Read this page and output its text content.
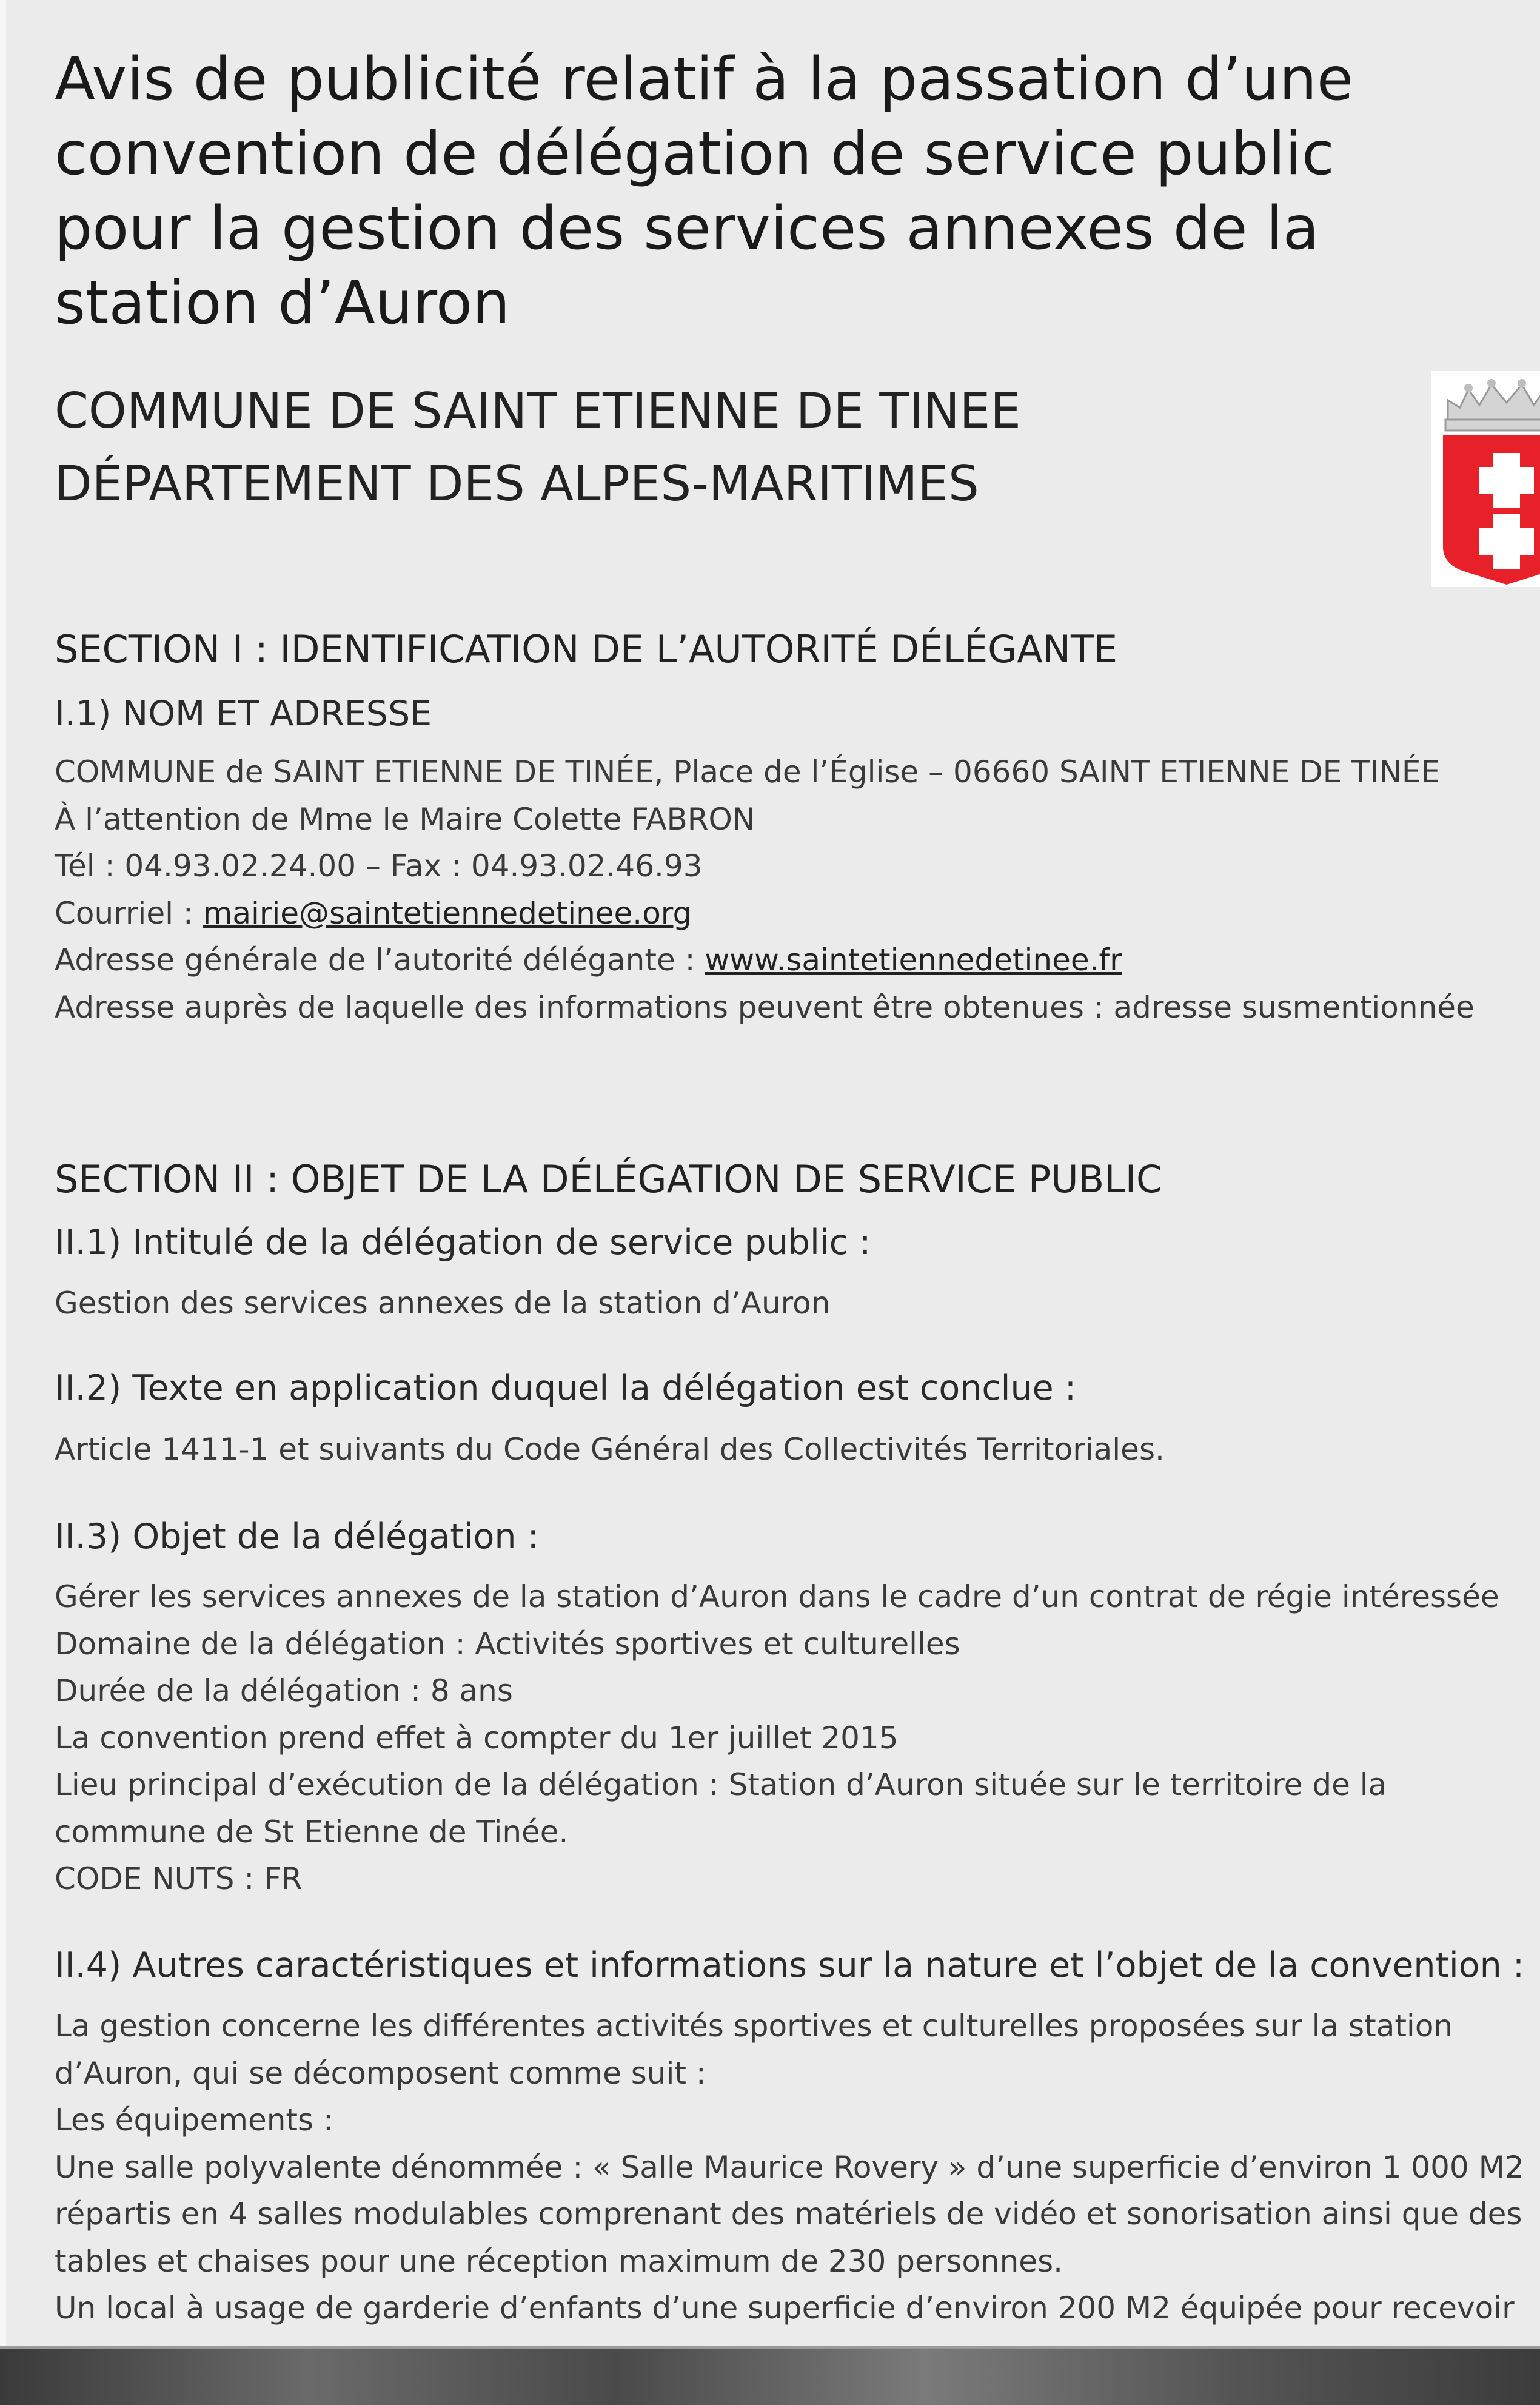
Avis de publicité relatif à la passation d’une
convention de délégation de service public
pour la gestion des services annexes de la
station d’Auron
COMMUNE DE SAINT ETIENNE DE TINEE
DÉPARTEMENT DES ALPES-MARITIMES
SECTION I : IDENTIFICATION DE L’AUTORITÉ DÉLÉGANTE
I.1) NOM ET ADRESSE
COMMUNE de SAINT ETIENNE DE TINÉE, Place de l’Église – 06660 SAINT ETIENNE DE TINÉE
À l’attention de Mme le Maire Colette FABRON
Tél : 04.93.02.24.00 – Fax : 04.93.02.46.93
Courriel : mairie@saintetiennedetinee.org
Adresse générale de l’autorité délégante : www.saintetiennedetinee.fr
Adresse auprès de laquelle des informations peuvent être obtenues : adresse susmentionnée
SECTION II : OBJET DE LA DÉLÉGATION DE SERVICE PUBLIC
II.1) Intitulé de la délégation de service public :
Gestion des services annexes de la station d’Auron
II.2) Texte en application duquel la délégation est conclue :
Article 1411-1 et suivants du Code Général des Collectivités Territoriales.
II.3) Objet de la délégation :
Gérer les services annexes de la station d’Auron dans le cadre d’un contrat de régie intéressée
Domaine de la délégation : Activités sportives et culturelles
Durée de la délégation : 8 ans
La convention prend effet à compter du 1er juillet 2015
Lieu principal d’exécution de la délégation : Station d’Auron située sur le territoire de la
commune de St Etienne de Tinée.
CODE NUTS : FR
II.4) Autres caractéristiques et informations sur la nature et l’objet de la convention :
La gestion concerne les différentes activités sportives et culturelles proposées sur la station
d’Auron, qui se décomposent comme suit :
Les équipements :
Une salle polyvalente dénommée : « Salle Maurice Rovery » d’une superficie d’environ 1 000 M2
répartis en 4 salles modulables comprenant des matériels de vidéo et sonorisation ainsi que des
tables et chaises pour une réception maximum de 230 personnes.
Un local à usage de garderie d’enfants d’une superficie d’environ 200 M2 équipée pour recevoir
